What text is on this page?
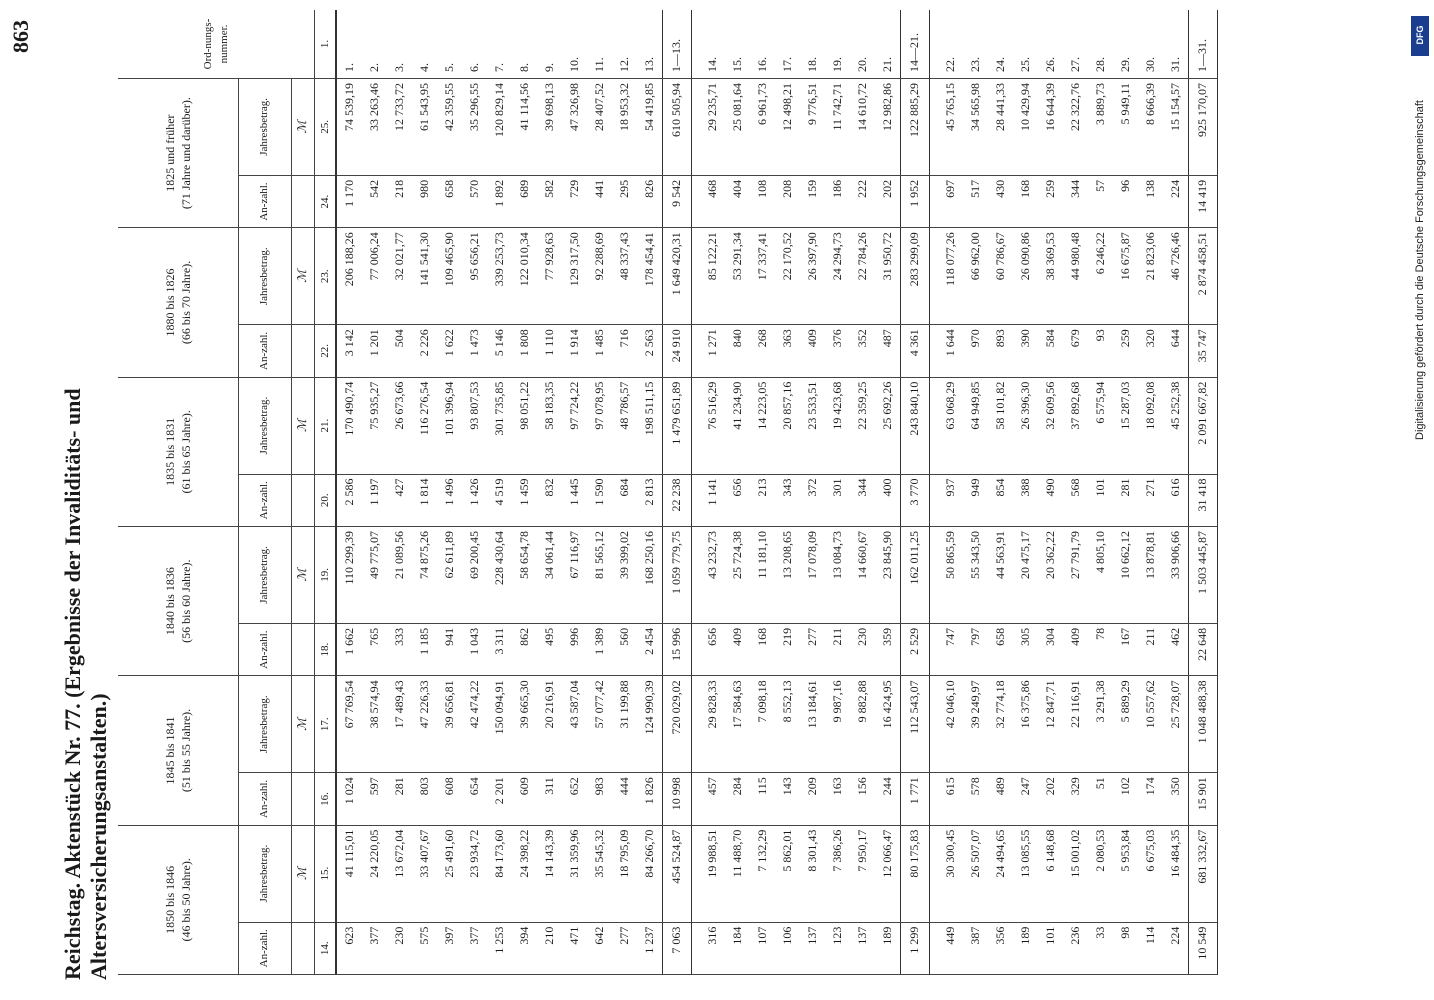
Reichstag. Aktenstück Nr. 77. (Ergebnisse der Invaliditäts- und Altersversicherungsanstalten.)
863
1850 bis 1846 (46 bis 50 Jahre).		1845 bis 1841 (51 bis 55 Jahre).		1840 bis 1836 (56 bis 60 Jahre).		1835 bis 1831 (61 bis 65 Jahre).		1880 bis 1826 (66 bis 70 Jahre).		1825 und früher (71 Jahre und darüber).		Ord-nungs-nummer.
An-zahl.	Jahresbetrag.	An-zahl.	Jahresbetrag.	An-zahl.	Jahresbetrag.	An-zahl.	Jahresbetrag.	An-zahl.	Jahresbetrag.	An-zahl.	Jahresbetrag.	
	ℳ		ℳ		ℳ		ℳ		ℳ		ℳ	
14.	15.	16.	17.	18.	19.	20.	21.	22.	23.	24.	25.	1.
623	41 115,01	1 024	67 769,54	1 662	110 299,39	2 586	170 490,74	3 142	206 188,26	1 170	74 539,19	1.
377	24 220,05	597	38 574,94	765	49 775,07	1 197	75 935,27	1 201	77 006,24	542	33 263,46	2.
230	13 672,04	281	17 489,43	333	21 089,56	427	26 673,66	504	32 021,77	218	12 733,72	3.
575	33 407,67	803	47 226,33	1 185	74 875,26	1 814	116 276,54	2 226	141 541,30	980	61 543,95	4.
397	25 491,60	608	39 656,81	941	62 611,89	1 496	101 396,94	1 622	109 465,90	658	42 359,55	5.
377	23 934,72	654	42 474,22	1 043	69 200,45	1 426	93 807,53	1 473	95 656,21	570	35 296,55	6.
1 253	84 173,60	2 201	150 094,91	3 311	228 430,64	4 519	301 735,85	5 146	339 253,73	1 892	120 829,14	7.
394	24 398,22	609	39 665,30	862	58 654,78	1 459	98 051,22	1 808	122 010,34	689	41 114,56	8.
210	14 143,39	311	20 216,91	495	34 061,44	832	58 183,35	1 110	77 928,63	582	39 698,13	9.
471	31 359,96	652	43 587,04	996	67 116,97	1 445	97 724,22	1 914	129 317,50	729	47 326,98	10.
642	35 545,32	983	57 077,42	1 389	81 565,12	1 590	97 078,95	1 485	92 288,69	441	28 407,52	11.
277	18 795,09	444	31 199,88	560	39 399,02	684	48 786,57	716	48 337,43	295	18 953,32	12.
1 237	84 266,70	1 826	124 990,39	2 454	168 250,16	2 813	198 511,15	2 563	178 454,41	826	54 419,85	13.
7 063	454 524,87	10 998	720 029,02	15 996	1 059 779,75	22 238	1 479 651,89	24 910	1 649 420,31	9 542	610 505,94	1—13.

316	19 988,51	457	29 828,33	656	43 232,73	1 141	76 516,29	1 271	85 122,21	468	29 235,71	14.
184	11 488,70	284	17 584,63	409	25 724,38	656	41 234,90	840	53 291,34	404	25 081,64	15.
107	7 132,29	115	7 098,18	168	11 181,10	213	14 223,05	268	17 337,41	108	6 961,73	16.
106	5 862,01	143	8 552,13	219	13 208,65	343	20 857,16	363	22 170,52	208	12 498,21	17.
137	8 301,43	209	13 184,61	277	17 078,09	372	23 533,51	409	26 397,90	159	9 776,51	18.
123	7 386,26	163	9 987,16	211	13 084,73	301	19 423,68	376	24 294,73	186	11 742,71	19.
137	7 950,17	156	9 882,88	230	14 660,67	344	22 359,25	352	22 784,26	222	14 610,72	20.
189	12 066,47	244	16 424,95	359	23 845,90	400	25 692,26	487	31 950,72	202	12 982,86	21.
1 299	80 175,83	1 771	112 543,07	2 529	162 011,25	3 770	243 840,10	4 361	283 299,09	1 952	122 885,29	14—21.

449	30 300,45	615	42 046,10	747	50 865,59	937	63 068,29	1 644	118 077,26	697	45 765,15	22.
387	26 507,07	578	39 249,97	797	55 343,50	949	64 949,85	970	66 962,00	517	34 565,98	23.
356	24 494,65	489	32 774,18	658	44 563,91	854	58 101,82	893	60 786,67	430	28 441,33	24.
189	13 085,55	247	16 375,86	305	20 475,17	388	26 396,30	390	26 090,86	168	10 429,94	25.
101	6 148,68	202	12 847,71	304	20 362,22	490	32 609,56	584	38 369,53	259	16 644,39	26.
236	15 001,02	329	22 116,91	409	27 791,79	568	37 892,68	679	44 980,48	344	22 322,76	27.
33	2 080,53	51	3 291,38	78	4 805,10	101	6 575,94	93	6 246,22	57	3 889,73	28.
98	5 953,84	102	5 889,29	167	10 662,12	281	15 287,03	259	16 675,87	96	5 949,11	29.
114	6 675,03	174	10 557,62	211	13 878,81	271	18 092,08	320	21 823,06	138	8 666,39	30.
224	16 484,35	350	25 728,07	462	33 906,66	616	45 252,38	644	46 726,46	224	15 154,57	31.
10 549	681 332,67	15 901	1 048 488,38	22 648	1 503 445,87	31 418	2 091 667,82	35 747	2 874 458,51	14 419	925 170,07	1—31.
Digitalisierung gefördert durch die Deutsche Forschungsgemeinschaft
DFG
